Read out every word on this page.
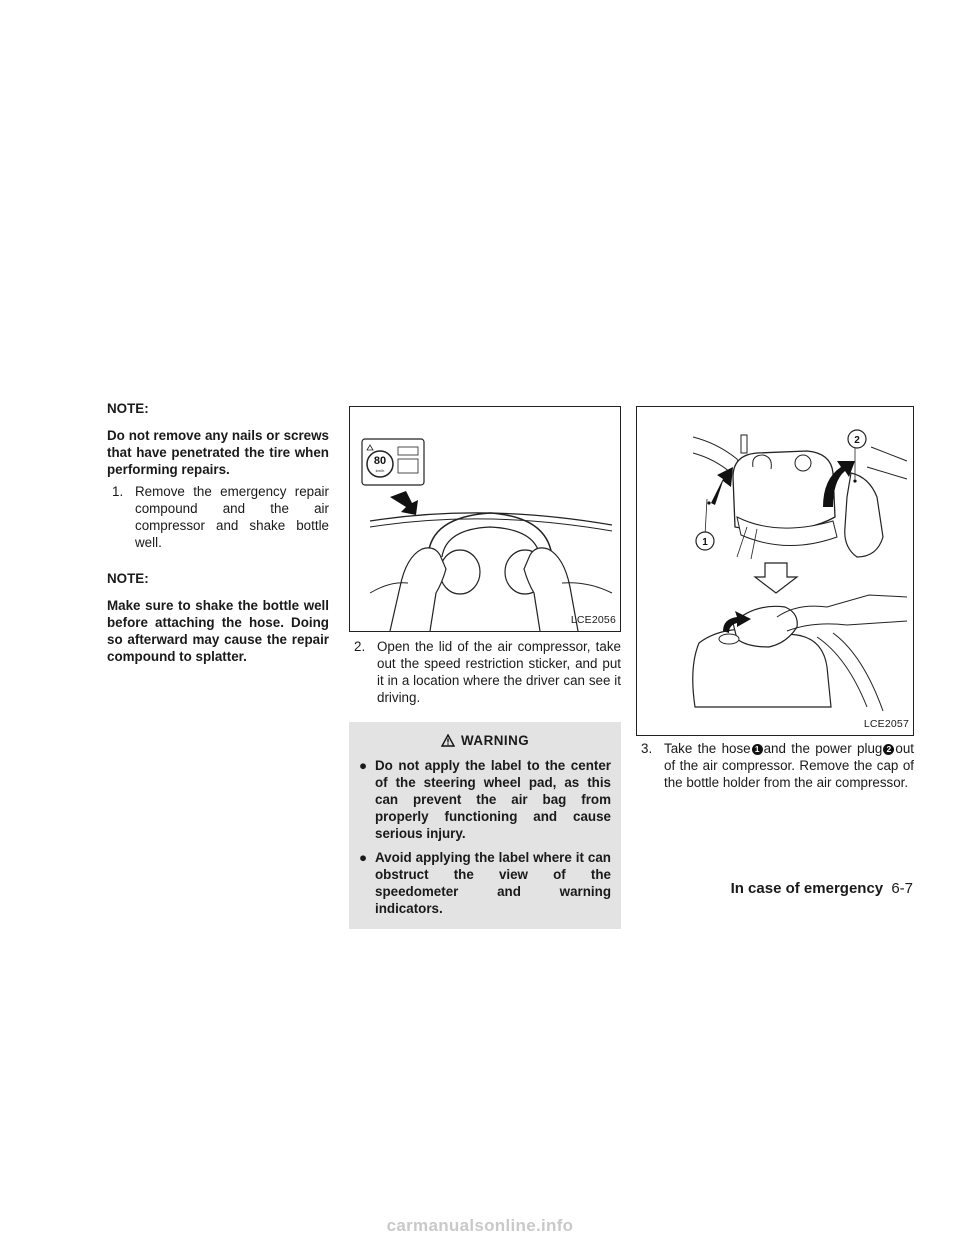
NOTE:
Do not remove any nails or screws that have penetrated the tire when performing repairs.
1. Remove the emergency repair compound and the air compressor and shake bottle well.
NOTE:
Make sure to shake the bottle well before attaching the hose. Doing so afterward may cause the repair compound to splatter.
80
km/h
LCE2056
2. Open the lid of the air compressor, take out the speed restriction sticker, and put it in a location where the driver can see it driving.
WARNING
● Do not apply the label to the center of the steering wheel pad, as this can prevent the air bag from properly functioning and cause serious injury.
● Avoid applying the label where it can obstruct the view of the speedometer and warning indicators.
1
2
LCE2057
3. Take the hose 1 and the power plug 2 out of the air compressor. Remove the cap of the bottle holder from the air compressor.
In case of emergency 6-7
carmanualsonline.info
